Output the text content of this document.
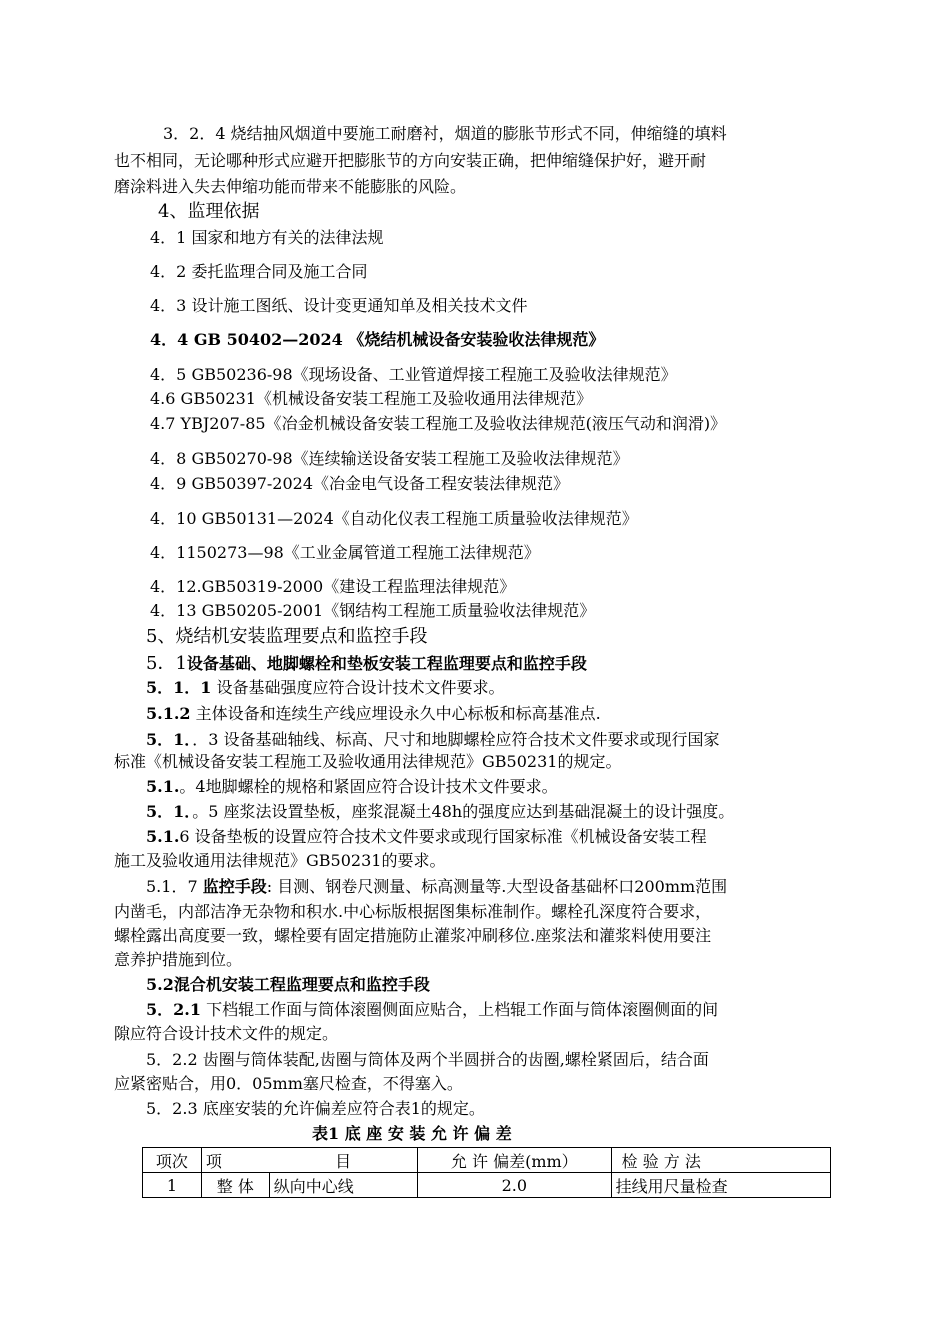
3．2．4 烧结抽风烟道中要施工耐磨衬，烟道的膨胀节形式不同，伸缩缝的填料
也不相同，无论哪种形式应避开把膨胀节的方向安装正确，把伸缩缝保护好，避开耐
磨涂料进入失去伸缩功能而带来不能膨胀的风险。
4、监理依据
4．1 国家和地方有关的法律法规
4．2 委托监理合同及施工合同
4．3 设计施工图纸、设计变更通知单及相关技术文件
4．4 GB 50402—2024 《烧结机械设备安装验收法律规范》
4．5 GB50236-98《现场设备、工业管道焊接工程施工及验收法律规范》
4.6 GB50231《机械设备安装工程施工及验收通用法律规范》
4.7 YBJ207-85《冶金机械设备安装工程施工及验收法律规范(液压气动和润滑)》
4．8 GB50270-98《连续输送设备安装工程施工及验收法律规范》
4．9 GB50397-2024《冶金电气设备工程安装法律规范》
4．10 GB50131—2024《自动化仪表工程施工质量验收法律规范》
4．1150273—98《工业金属管道工程施工法律规范》
4．12.GB50319-2000《建设工程监理法律规范》
4．13 GB50205-2001《钢结构工程施工质量验收法律规范》
5、烧结机安装监理要点和监控手段
5．1设备基础、地脚螺栓和垫板安装工程监理要点和监控手段
5．1．1 设备基础强度应符合设计技术文件要求。
5.1.2 主体设备和连续生产线应埋设永久中心标板和标高基准点.
5．1．．3 设备基础轴线、标高、尺寸和地脚螺栓应符合技术文件要求或现行国家
标准《机械设备安装工程施工及验收通用法律规范》GB50231的规定。
5.1.。4地脚螺栓的规格和紧固应符合设计技术文件要求。
5．1．。5 座浆法设置垫板，座浆混凝土48h的强度应达到基础混凝土的设计强度。
5.1.6 设备垫板的设置应符合技术文件要求或现行国家标准《机械设备安装工程
施工及验收通用法律规范》GB50231的要求。
5.1．7 监控手段: 目测、钢卷尺测量、标高测量等.大型设备基础杯口200mm范围
内凿毛，内部洁净无杂物和积水.中心标版根据图集标准制作。螺栓孔深度符合要求，
螺栓露出高度要一致，螺栓要有固定措施防止灌浆冲刷移位.座浆法和灌浆料使用要注
意养护措施到位。
5.2混合机安装工程监理要点和监控手段
5．2.1 下档辊工作面与筒体滚圈侧面应贴合，上档辊工作面与筒体滚圈侧面的间
隙应符合设计技术文件的规定。
5．2.2 齿圈与筒体装配,齿圈与筒体及两个半圆拼合的齿圈,螺栓紧固后，结合面
应紧密贴合，用0．05mm塞尺检查，不得塞入。
5．2.3 底座安装的允许偏差应符合表1的规定。
表1 底 座 安 装 允 许 偏 差
项次	项	目	允 许 偏差(mm）	检 验 方 法
1	整 体	纵向中心线	2.0	挂线用尺量检查
